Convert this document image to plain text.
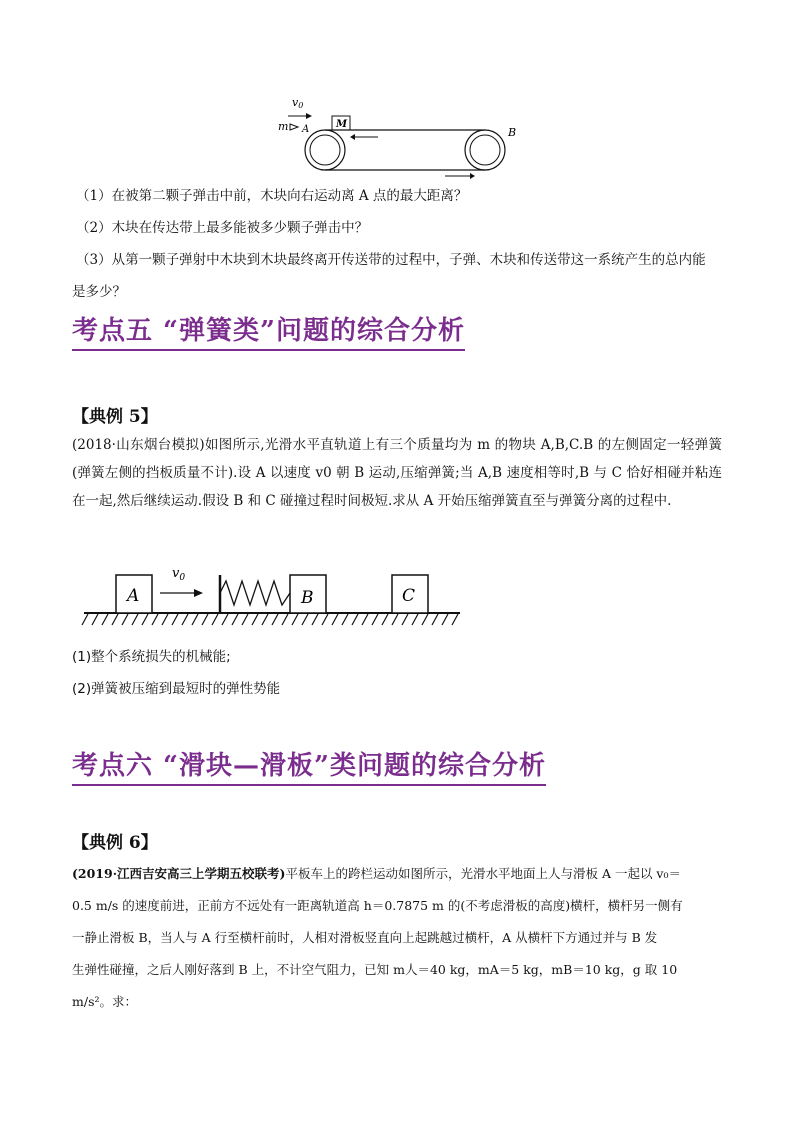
v0
m A	M
B
（1）在被第二颗子弹击中前，木块向右运动离 A 点的最大距离？
（2）木块在传达带上最多能被多少颗子弹击中？
（3）从第一颗子弹射中木块到木块最终离开传送带的过程中，子弹、木块和传送带这一系统产生的总内能
是多少？
考点五 “弹簧类”问题的综合分析
【典例 5】
(2018·山东烟台模拟)如图所示,光滑水平直轨道上有三个质量均为 m 的物块 A,B,C.B 的左侧固定一轻弹簧(弹簧左侧的挡板质量不计).设 A 以速度 v0 朝 B 运动,压缩弹簧;当 A,B 速度相等时,B 与 C 恰好相碰并粘连在一起,然后继续运动.假设 B 和 C 碰撞过程时间极短.求从 A 开始压缩弹簧直至与弹簧分离的过程中.
A
$v_0$
B	C
(1)整个系统损失的机械能;
(2)弹簧被压缩到最短时的弹性势能
考点六 “滑块—滑板”类问题的综合分析
【典例 6】
(2019·江西吉安高三上学期五校联考)平板车上的跨栏运动如图所示，光滑水平地面上人与滑板 A 一起以 v₀＝
0.5 m/s 的速度前进，正前方不远处有一距离轨道高 h＝0.7875 m 的(不考虑滑板的高度)横杆，横杆另一侧有
一静止滑板 B，当人与 A 行至横杆前时，人相对滑板竖直向上起跳越过横杆，A 从横杆下方通过并与 B 发
生弹性碰撞，之后人刚好落到 B 上，不计空气阻力，已知 m人＝40 kg，mA＝5 kg，mB＝10 kg，g 取 10
m/s²。求：
